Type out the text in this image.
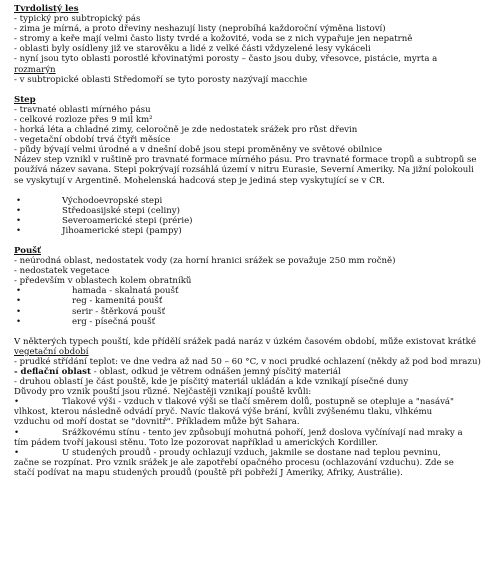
Tvrdolistý les
- typický pro subtropický pás
- zima je mírná, a proto dřeviny neshazují listy (neprobíhá každoroční výměna listoví)
- stromy a keře mají velmi často listy tvrdé a kožovité, voda se z nich vypařuje jen nepatrně
- oblasti byly osídleny již ve starověku a lidé z velké části vždyzelené lesy vykáceli
- nyní jsou tyto oblasti porostlé křovinatými porosty – často jsou duby, vřesovce, pistácie, myrta a
rozmarýn
- v subtropické oblasti Středomoří se tyto porosty nazývají macchie
Step
- travnaté oblasti mírného pásu
- celkové rozloze přes 9 mil km²
- horká léta a chladné zimy, celoročně je zde nedostatek srážek pro růst dřevin
- vegetační období trvá čtyři měsíce
- půdy bývají velmi úrodné a v dnešní době jsou stepi proměněny ve světové obilnice
Název step vznikl v ruštině pro travnaté formace mírného pásu. Pro travnaté formace tropů a subtropů se
používá název savana. Stepi pokrývají rozsáhlá území v nitru Eurasie, Severní Ameriky. Na jižní polokouli
se vyskytují v Argentině. Mohelenská hadcová step je jediná step vyskytující se v ČR.
•	Východoevropské stepi
•	Středoasijské stepi (celiny)
•	Severoamerické stepi (prérie)
•	Jihoamerické stepi (pampy)
Poušť
- neúrodná oblast, nedostatek vody (za horní hranici srážek se považuje 250 mm ročně)
- nedostatek vegetace
- především v oblastech kolem obratníků
•	hamada - skalnatá poušť
•	reg - kamenitá poušť
•	serir - štěrková poušť
•	erg - písečná poušť
V některých typech pouští, kde přídělí srážek padá naráz v úzkém časovém období, může existovat krátké
vegetační období
- prudké střídání teplot: ve dne vedra až nad 50 – 60 °C, v noci prudké ochlazení (někdy až pod bod mrazu)
- deflační oblast - oblast, odkud je větrem odnášen jemný písčitý materiál
- druhou oblastí je část pouště, kde je písčitý materiál ukládán a kde vznikají písečné duny
Důvody pro vznik pouští jsou různé. Nejčastěji vznikají pouště kvůli:
•	Tlakové výši - vzduch v tlakové výši se tlačí směrem dolů, postupně se otepluje a "nasává" vlhkost, kterou následně odvádí pryč. Navíc tlaková výše brání, kvůli zvýšenému tlaku, vlhkému vzduchu od moří dostat se "dovnitř". Příkladem může být Sahara.
•	Srážkovému stínu - tento jev způsobují mohutná pohoří, jenž doslova vyčínívají nad mraky a tím pádem tvoří jakousi stěnu. Toto lze pozorovat například u amerických Kordiller.
•	U studených proudů - proudy ochlazují vzduch, jakmile se dostane nad teplou pevninu, začne se rozpínat. Pro vznik srážek je ale zapotřebí opačného procesu (ochlazování vzduchu). Zde se stačí podívat na mapu studených proudů (pouště při pobřeží J Ameriky, Afriky, Austrálie).
